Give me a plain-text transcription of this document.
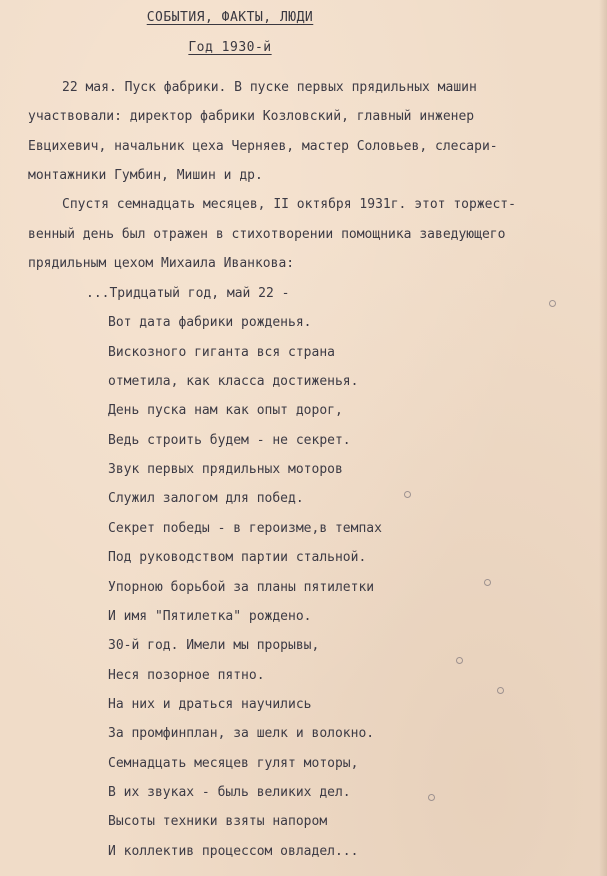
СОБЫТИЯ, ФАКТЫ, ЛЮДИ
Год 1930-й
22 мая. Пуск фабрики. В пуске первых прядильных машин
участвовали: директор фабрики Козловский, главный инженер
Евцихевич, начальник цеха Черняев, мастер Соловьев, слесари-
монтажники Гумбин, Мишин и др.
Спустя семнадцать месяцев, II октября 1931г. этот торжест-
венный день был отражен в стихотворении помощника заведующего
прядильным цехом Михаила Иванкова:
...Тридцатый год, май 22 -
Вот дата фабрики рожденья.
Вискозного гиганта вся страна
отметила, как класса достиженья.
День пуска нам как опыт дорог,
Ведь строить будем - не секрет.
Звук первых прядильных моторов
Служил залогом для побед.
Секрет победы - в героизме,в темпах
Под руководством партии стальной.
Упорною борьбой за планы пятилетки
И имя "Пятилетка" рождено.
30-й год. Имели мы прорывы,
Неся позорное пятно.
На них и драться научились
За промфинплан, за шелк и волокно.
Семнадцать месяцев гулят моторы,
В их звуках - быль великих дел.
Высоты техники взяты напором
И коллектив процессом овладел...
